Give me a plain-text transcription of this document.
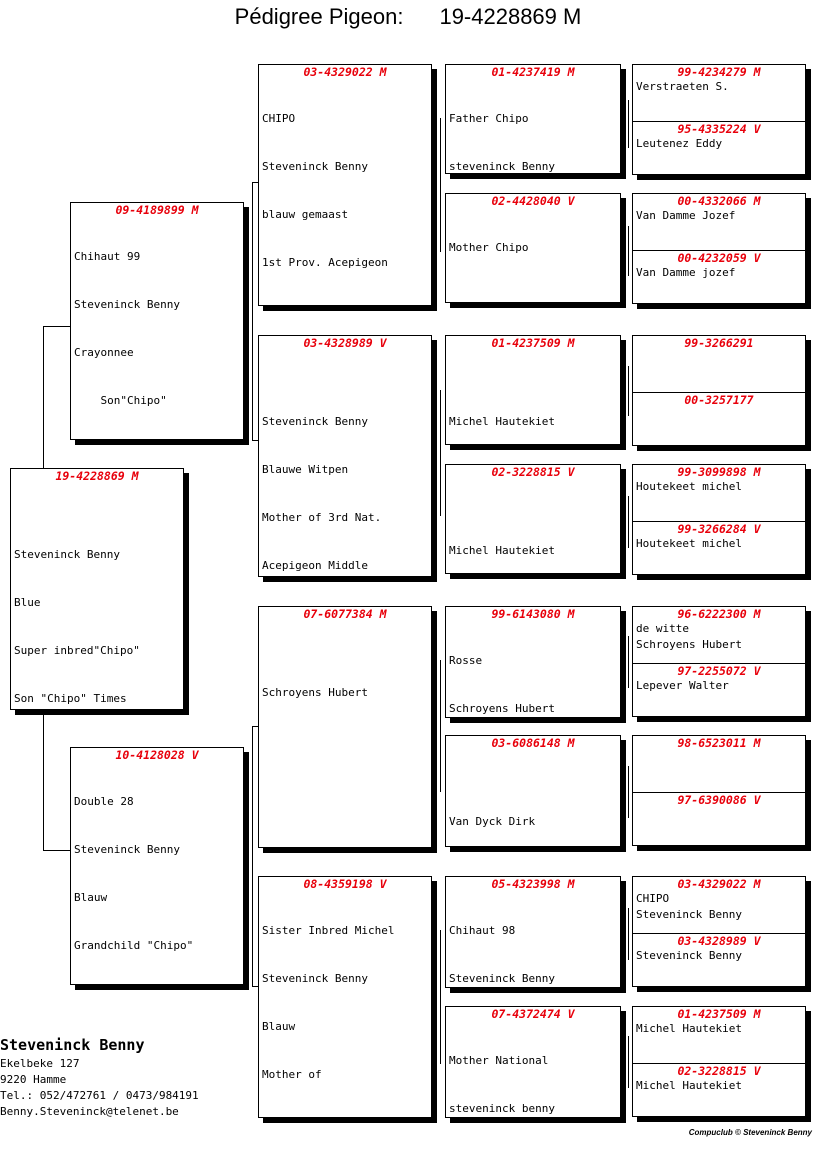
Pédigree Pigeon: 19-4228869 M
19-4228869 M

Steveninck Benny

Blue

Super inbred"Chipo"

Son "Chipo" Times

09-4189899 M

Chihaut 99

Steveninck Benny

Crayonnee

Son"Chipo"

10-4128028 V

Double 28

Steveninck Benny

Blauw

Grandchild "Chipo"

03-4329022 M

CHIPO

Steveninck Benny

blauw gemaast

1st Prov. Acepigeon

03-4328989 V

Steveninck Benny

Blauwe Witpen

Mother of 3rd Nat.

Acepigeon Middle

07-6077384 M

Schroyens Hubert

08-4359198 V

Sister Inbred Michel

Steveninck Benny

Blauw

Mother of

01-4237419 M

Father Chipo

steveninck Benny

02-4428040 V

Mother Chipo

01-4237509 M

Michel Hautekiet

02-3228815 V

Michel Hautekiet

99-6143080 M

Rosse

Schroyens Hubert

03-6086148 M

Van Dyck Dirk

05-4323998 M

Chihaut 98

Steveninck Benny

07-4372474 V

Mother National

steveninck benny

99-4234279 M
Verstraeten S.
95-4335224 V
Leutenez Eddy
00-4332066 M
Van Damme Jozef
00-4232059 V
Van Damme jozef
99-3266291
00-3257177
99-3099898 M
Houtekeet michel
99-3266284 V
Houtekeet michel
96-6222300 M
de witte
Schroyens Hubert
97-2255072 V
Lepever Walter
98-6523011 M
97-6390086 V
03-4329022 M
CHIPO
Steveninck Benny
03-4328989 V
Steveninck Benny
01-4237509 M
Michel Hautekiet
02-3228815 V
Michel Hautekiet
Steveninck Benny
Ekelbeke 127
9220 Hamme
Tel.: 052/472761 / 0473/984191
Benny.Steveninck@telenet.be
Compuclub © Steveninck Benny
